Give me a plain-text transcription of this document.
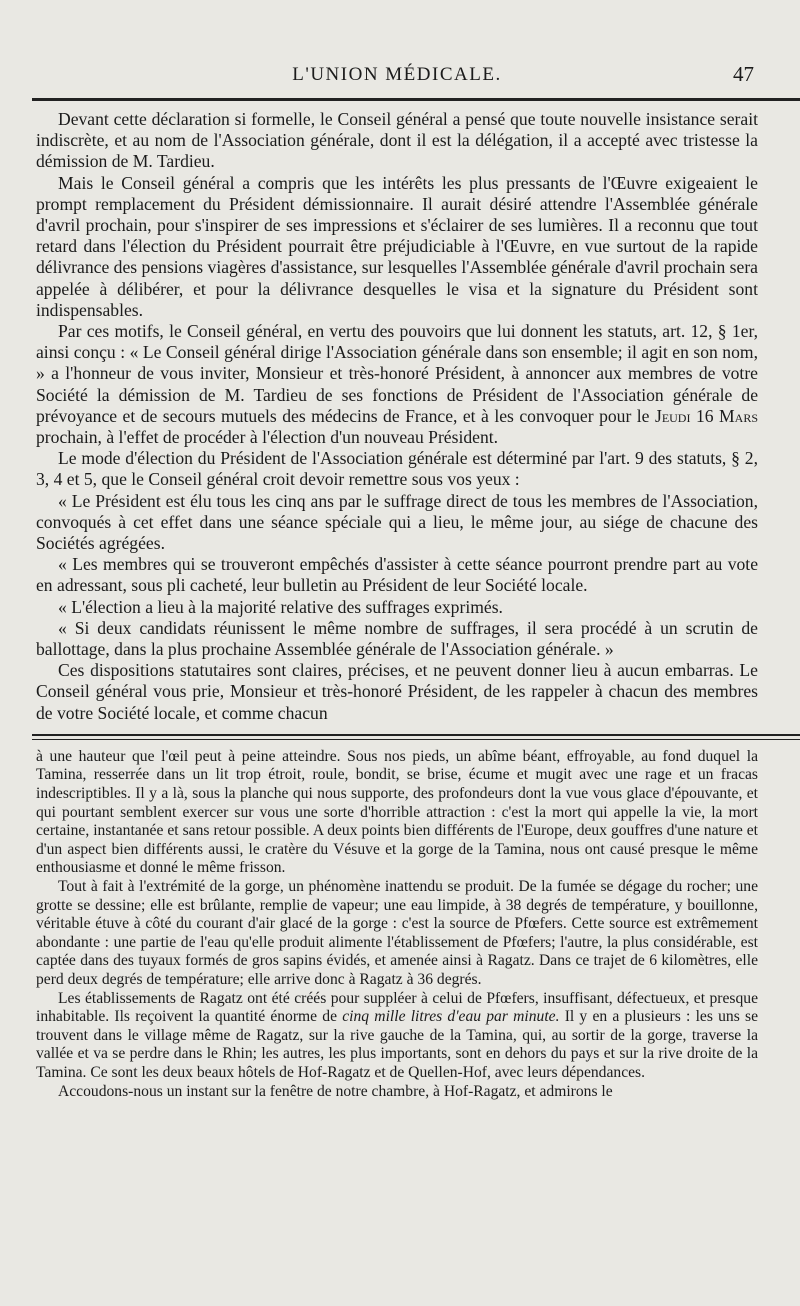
L'UNION MÉDICALE.	47

Devant cette déclaration si formelle, le Conseil général a pensé que toute nouvelle insistance serait indiscrète, et au nom de l'Association générale, dont il est la délégation, il a accepté avec tristesse la démission de M. Tardieu.

Mais le Conseil général a compris que les intérêts les plus pressants de l'Œuvre exigeaient le prompt remplacement du Président démissionnaire. Il aurait désiré attendre l'Assemblée générale d'avril prochain, pour s'inspirer de ses impressions et s'éclairer de ses lumières. Il a reconnu que tout retard dans l'élection du Président pourrait être préjudiciable à l'Œuvre, en vue surtout de la rapide délivrance des pensions viagères d'assistance, sur lesquelles l'Assemblée générale d'avril prochain sera appelée à délibérer, et pour la délivrance desquelles le visa et la signature du Président sont indispensables.

Par ces motifs, le Conseil général, en vertu des pouvoirs que lui donnent les statuts, art. 12, § 1er, ainsi conçu : « Le Conseil général dirige l'Association générale dans son ensemble; il agit en son nom, » a l'honneur de vous inviter, Monsieur et très-honoré Président, à annoncer aux membres de votre Société la démission de M. Tardieu de ses fonctions de Président de l'Association générale de prévoyance et de secours mutuels des médecins de France, et à les convoquer pour le Jeudi 16 Mars prochain, à l'effet de procéder à l'élection d'un nouveau Président.

Le mode d'élection du Président de l'Association générale est déterminé par l'art. 9 des statuts, § 2, 3, 4 et 5, que le Conseil général croit devoir remettre sous vos yeux :

« Le Président est élu tous les cinq ans par le suffrage direct de tous les membres de l'Association, convoqués à cet effet dans une séance spéciale qui a lieu, le même jour, au siége de chacune des Sociétés agrégées.

« Les membres qui se trouveront empêchés d'assister à cette séance pourront prendre part au vote en adressant, sous pli cacheté, leur bulletin au Président de leur Société locale.

« L'élection a lieu à la majorité relative des suffrages exprimés.

« Si deux candidats réunissent le même nombre de suffrages, il sera procédé à un scrutin de ballottage, dans la plus prochaine Assemblée générale de l'Association générale. »

Ces dispositions statutaires sont claires, précises, et ne peuvent donner lieu à aucun embarras. Le Conseil général vous prie, Monsieur et très-honoré Président, de les rappeler à chacun des membres de votre Société locale, et comme chacun

à une hauteur que l'œil peut à peine atteindre. Sous nos pieds, un abîme béant, effroyable, au fond duquel la Tamina, resserrée dans un lit trop étroit, roule, bondit, se brise, écume et mugit avec une rage et un fracas indescriptibles. Il y a là, sous la planche qui nous supporte, des profondeurs dont la vue vous glace d'épouvante, et qui pourtant semblent exercer sur vous une sorte d'horrible attraction : c'est la mort qui appelle la vie, la mort certaine, instantanée et sans retour possible. A deux points bien différents de l'Europe, deux gouffres d'une nature et d'un aspect bien différents aussi, le cratère du Vésuve et la gorge de la Tamina, nous ont causé presque le même enthousiasme et donné le même frisson.

Tout à fait à l'extrémité de la gorge, un phénomène inattendu se produit. De la fumée se dégage du rocher; une grotte se dessine; elle est brûlante, remplie de vapeur; une eau limpide, à 38 degrés de température, y bouillonne, véritable étuve à côté du courant d'air glacé de la gorge : c'est la source de Pfœfers. Cette source est extrêmement abondante : une partie de l'eau qu'elle produit alimente l'établissement de Pfœfers; l'autre, la plus considérable, est captée dans des tuyaux formés de gros sapins évidés, et amenée ainsi à Ragatz. Dans ce trajet de 6 kilomètres, elle perd deux degrés de température; elle arrive donc à Ragatz à 36 degrés.

Les établissements de Ragatz ont été créés pour suppléer à celui de Pfœfers, insuffisant, défectueux, et presque inhabitable. Ils reçoivent la quantité énorme de cinq mille litres d'eau par minute. Il y en a plusieurs : les uns se trouvent dans le village même de Ragatz, sur la rive gauche de la Tamina, qui, au sortir de la gorge, traverse la vallée et va se perdre dans le Rhin; les autres, les plus importants, sont en dehors du pays et sur la rive droite de la Tamina. Ce sont les deux beaux hôtels de Hof-Ragatz et de Quellen-Hof, avec leurs dépendances.

Accoudons-nous un instant sur la fenêtre de notre chambre, à Hof-Ragatz, et admirons le
